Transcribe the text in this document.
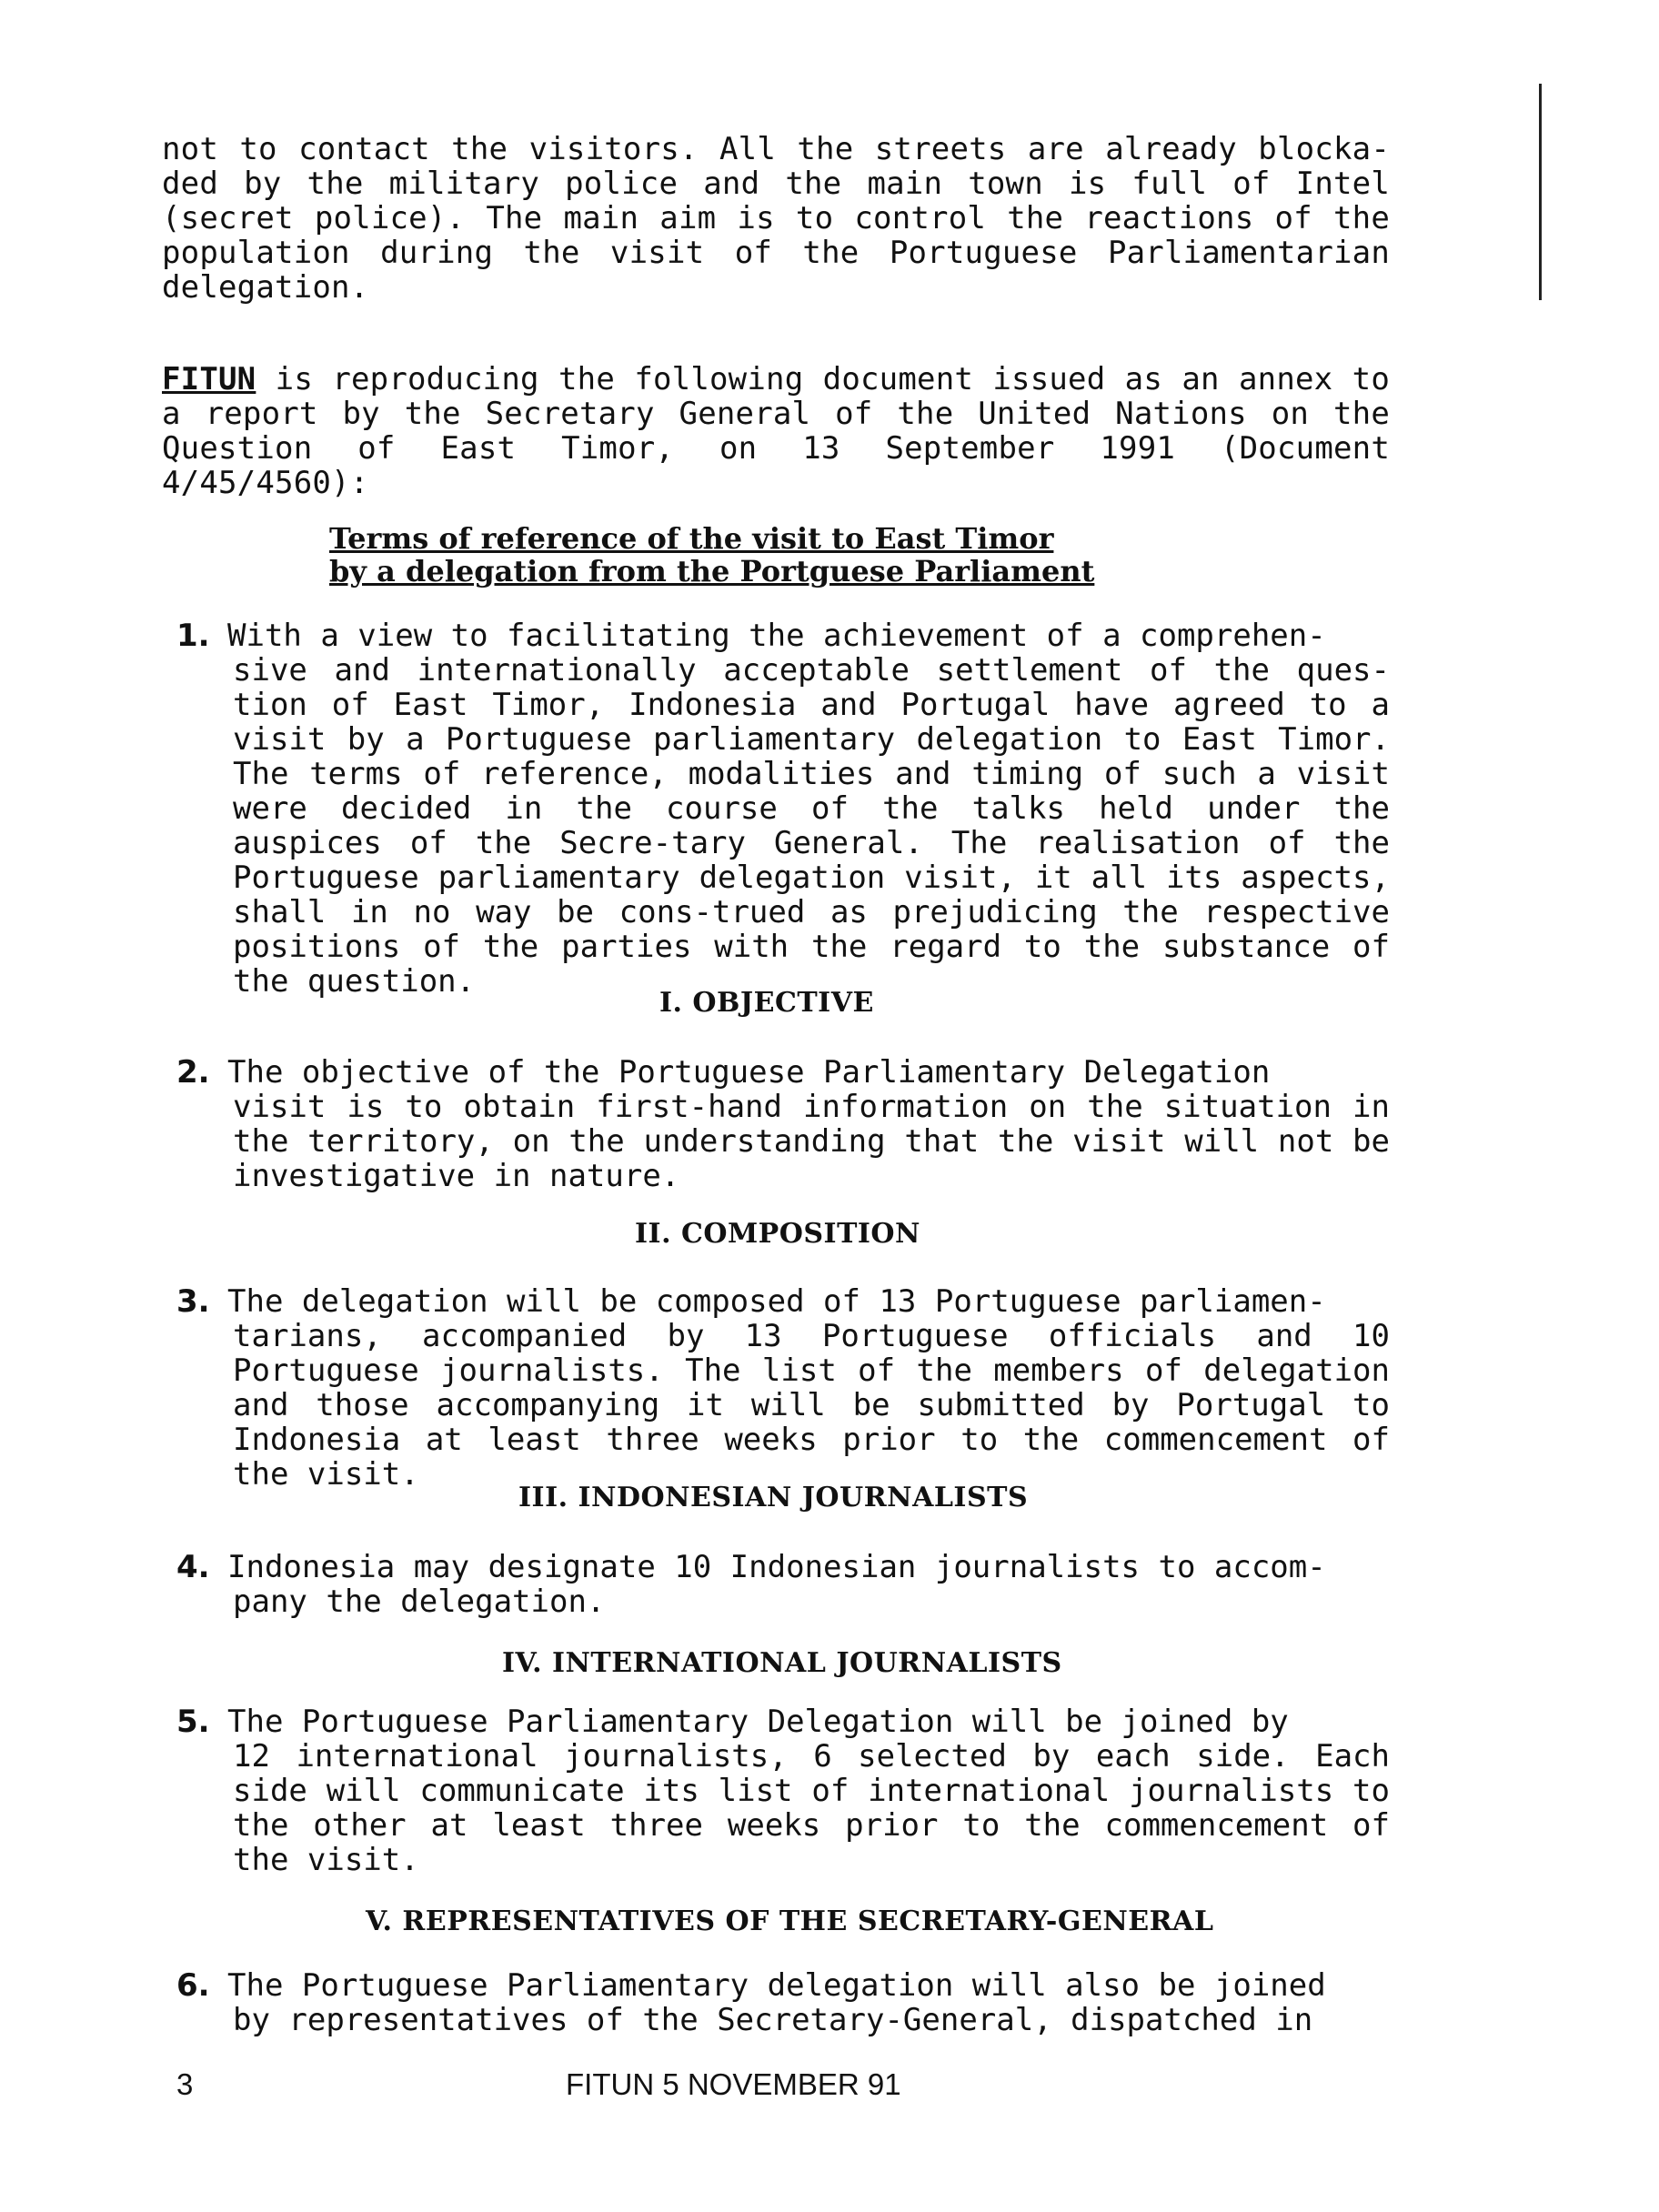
not to contact the visitors. All the streets are already blocka-ded by the military police and the main town is full of Intel (secret police). The main aim is to control the reactions of the population during the visit of the Portuguese Parliamentarian delegation.
FITUN is reproducing the following document issued as an annex to a report by the Secretary General of the United Nations on the Question of East Timor, on 13 September 1991 (Document 4/45/4560):
Terms of reference of the visit to East Timor
by a delegation from the Portguese Parliament
1. With a view to facilitating the achievement of a comprehen-
sive and internationally acceptable settlement of the ques-tion of East Timor, Indonesia and Portugal have agreed to a visit by a Portuguese parliamentary delegation to East Timor. The terms of reference, modalities and timing of such a visit were decided in the course of the talks held under the auspices of the Secre-tary General. The realisation of the Portuguese parliamentary delegation visit, it all its aspects, shall in no way be cons-trued as prejudicing the respective positions of the parties with the regard to the substance of the question.
I. OBJECTIVE
2. The objective of the Portuguese Parliamentary Delegation
visit is to obtain first-hand information on the situation in the territory, on the understanding that the visit will not be investigative in nature.
II. COMPOSITION
3. The delegation will be composed of 13 Portuguese parliamen-
tarians, accompanied by 13 Portuguese officials and 10 Portuguese journalists. The list of the members of delegation and those accompanying it will be submitted by Portugal to Indonesia at least three weeks prior to the commencement of the visit.
III. INDONESIAN JOURNALISTS
4. Indonesia may designate 10 Indonesian journalists to accom-
pany the delegation.
IV. INTERNATIONAL JOURNALISTS
5. The Portuguese Parliamentary Delegation will be joined by
12 international journalists, 6 selected by each side. Each side will communicate its list of international journalists to the other at least three weeks prior to the commencement of the visit.
V. REPRESENTATIVES OF THE SECRETARY-GENERAL
6. The Portuguese Parliamentary delegation will also be joined
by representatives of the Secretary-General, dispatched in
3	FITUN 5 NOVEMBER 91
